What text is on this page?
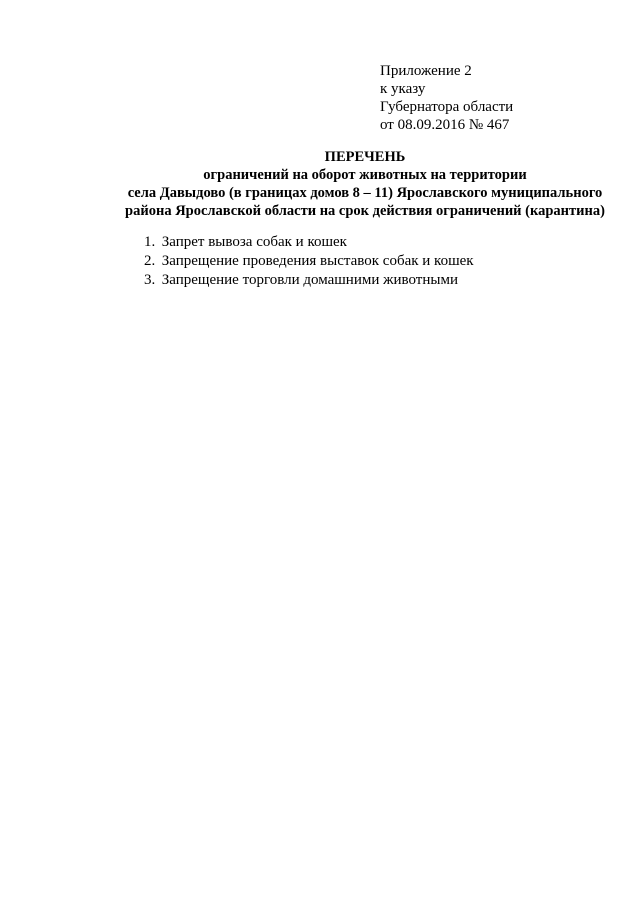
Приложение 2
к указу
Губернатора области
от 08.09.2016 № 467
ПЕРЕЧЕНЬ
ограничений на оборот животных на территории
села Давыдово (в границах домов 8 – 11) Ярославского муниципального
района Ярославской области на срок действия ограничений (карантина)
1. Запрет вывоза собак и кошек
2. Запрещение проведения выставок собак и кошек
3. Запрещение торговли домашними животными
